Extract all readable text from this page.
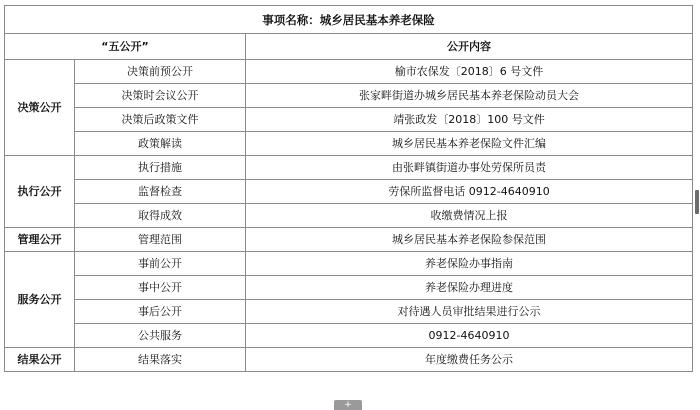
事项名称：城乡居民基本养老保险		
“五公开”		公开内容
决策公开	决策前预公开	榆市农保发〔2018〕6 号文件
	决策时会议公开	张家畔街道办城乡居民基本养老保险动员大会
	决策后政策文件	靖张政发〔2018〕100 号文件
	政策解读	城乡居民基本养老保险文件汇编
执行公开	执行措施	由张畔镇街道办事处劳保所员责
	监督检查	劳保所监督电话 0912-4640910
	取得成效	收缴费情况上报
管理公开	管理范围	城乡居民基本养老保险参保范围
服务公开	事前公开	养老保险办事指南
	事中公开	养老保险办理进度
	事后公开	对待遇人员审批结果进行公示
	公共服务	0912-4640910
结果公开	结果落实	年度缴费任务公示
+
